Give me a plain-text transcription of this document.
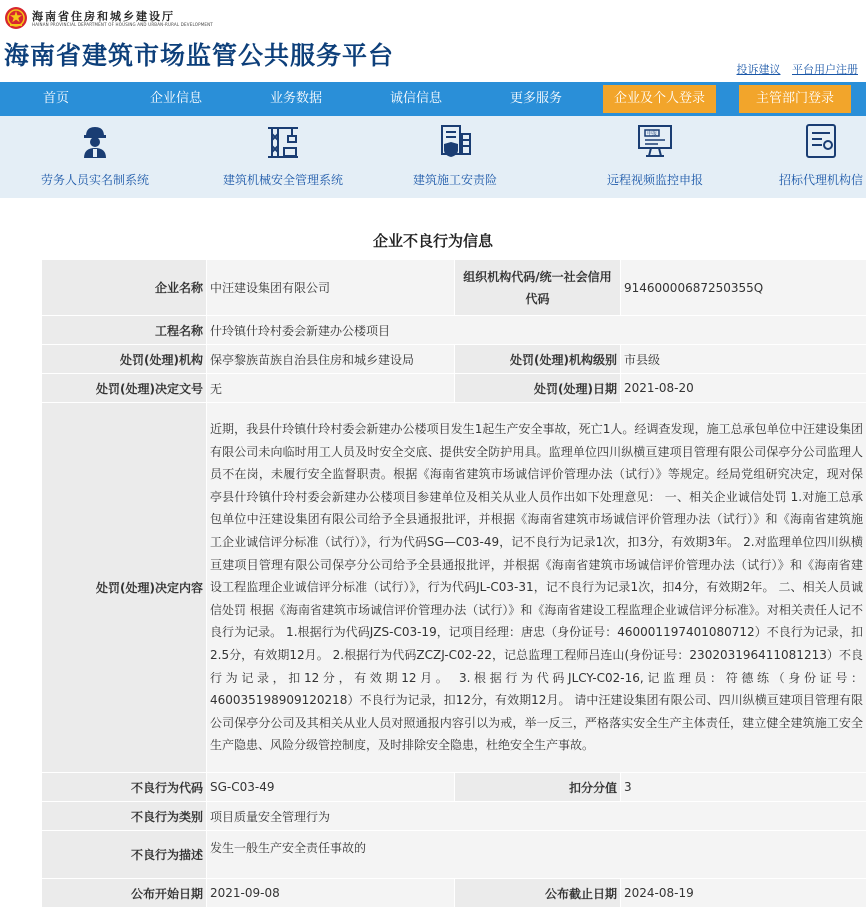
海南省住房和城乡建设厅
HAINAN PROVINCIAL DEPARTMENT OF HOUSING AND URBAN-RURAL DEVELOPMENT
海南省建筑市场监管公共服务平台	投诉建议 平台用户注册
首页	企业信息	业务数据	诚信信息	更多服务	企业及个人登录	主管部门登录
劳务人员实名制系统	建筑机械安全管理系统	建筑施工安责险
申报
远程视频监控申报	招标代理机构信
企业不良行为信息
企业名称	中汪建设集团有限公司	组织机构代码/统一社会信用代码	91460000687250355Q
工程名称	什玲镇什玲村委会新建办公楼项目		
处罚(处理)机构	保亭黎族苗族自治县住房和城乡建设局	处罚(处理)机构级别	市县级
处罚(处理)决定文号	无	处罚(处理)日期	2021-08-20
处罚(处理)决定内容	近期，我县什玲镇什玲村委会新建办公楼项目发生1起生产安全事故，死亡1人。经调查发现，施工总承包单位中汪建设集团有限公司未向临时用工人员及时安全交底、提供安全防护用具。监理单位四川纵横亘建项目管理有限公司保亭分公司监理人员不在岗，未履行安全监督职责。根据《海南省建筑市场诚信评价管理办法（试行）》等规定。经局党组研究决定，现对保亭县什玲镇什玲村委会新建办公楼项目参建单位及相关从业人员作出如下处理意见： 一、相关企业诚信处罚 1.对施工总承包单位中汪建设集团有限公司给予全县通报批评，并根据《海南省建筑市场诚信评价管理办法（试行）》和《海南省建筑施工企业诚信评分标准（试行）》，行为代码SG—C03-49，记不良行为记录1次，扣3分，有效期3年。 2.对监理单位四川纵横亘建项目管理有限公司保亭分公司给予全县通报批评，并根据《海南省建筑市场诚信评价管理办法（试行）》和《海南省建设工程监理企业诚信评分标准（试行）》，行为代码JL-C03-31，记不良行为记录1次，扣4分，有效期2年。 二、相关人员诚信处罚 根据《海南省建筑市场诚信评价管理办法（试行）》和《海南省建设工程监理企业诚信评分标准》。对相关责任人记不良行为记录。 1.根据行为代码JZS-C03-19，记项目经理：唐忠（身份证号：460001197401080712）不良行为记录，扣2.5分，有效期12月。 2.根据行为代码ZCZJ-C02-22，记总监理工程师吕连山(身份证号：230203196411081213）不良行为记录，扣12分，有效期12月。 3.根据行为代码JLCY-C02-16,记监理员：符德练（身份证号：460035198909120218）不良行为记录，扣12分，有效期12月。 请中汪建设集团有限公司、四川纵横亘建项目管理有限公司保亭分公司及其相关从业人员对照通报内容引以为戒，举一反三，严格落实安全生产主体责任，建立健全建筑施工安全生产隐患、风险分级管控制度，及时排除安全隐患，杜绝安全生产事故。		
不良行为代码	SG-C03-49	扣分分值	3
不良行为类别	项目质量安全管理行为		
不良行为描述	发生一般生产安全责任事故的		
公布开始日期	2021-09-08	公布截止日期	2024-08-19
